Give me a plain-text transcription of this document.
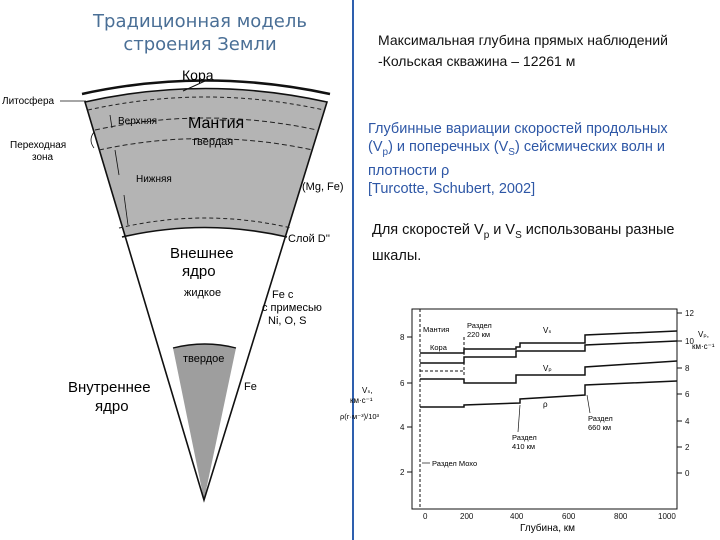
Традиционная модель
строения Земли	Максимальная глубина прямых наблюдений -Кольская скважина – 12261 м
Глубинные вариации скоростей продольных $(V_p)$ и поперечных $(V_S)$ сейсмических волн и плотности ρ
[Turcotte, Schubert, 2002]
Для скоростей $V_p$ и $V_S$ использованы разные шкалы.
Кора
Литосфера
Верхняя Мантия
твердая
Переходная
зона
Нижняя
(Mg, Fe)
Слой D''
Внешнее
ядро
жидкое	Fe с
с примесью
Ni, O, S
твердое
Внутреннее
ядро
Fe
8
6
4
2
12
10
8
6
4
2
0
0	200	400	600	800	1000
Глубина, км
Vₛ
Vₚ
ρ
Мантия
Кора
Раздел
220 км
Раздел
410 км
Раздел
660 км
Раздел Мохо
Vₛ,
км·с⁻¹
ρ(г·м⁻³)/10³
Vₚ,
км·с⁻¹
